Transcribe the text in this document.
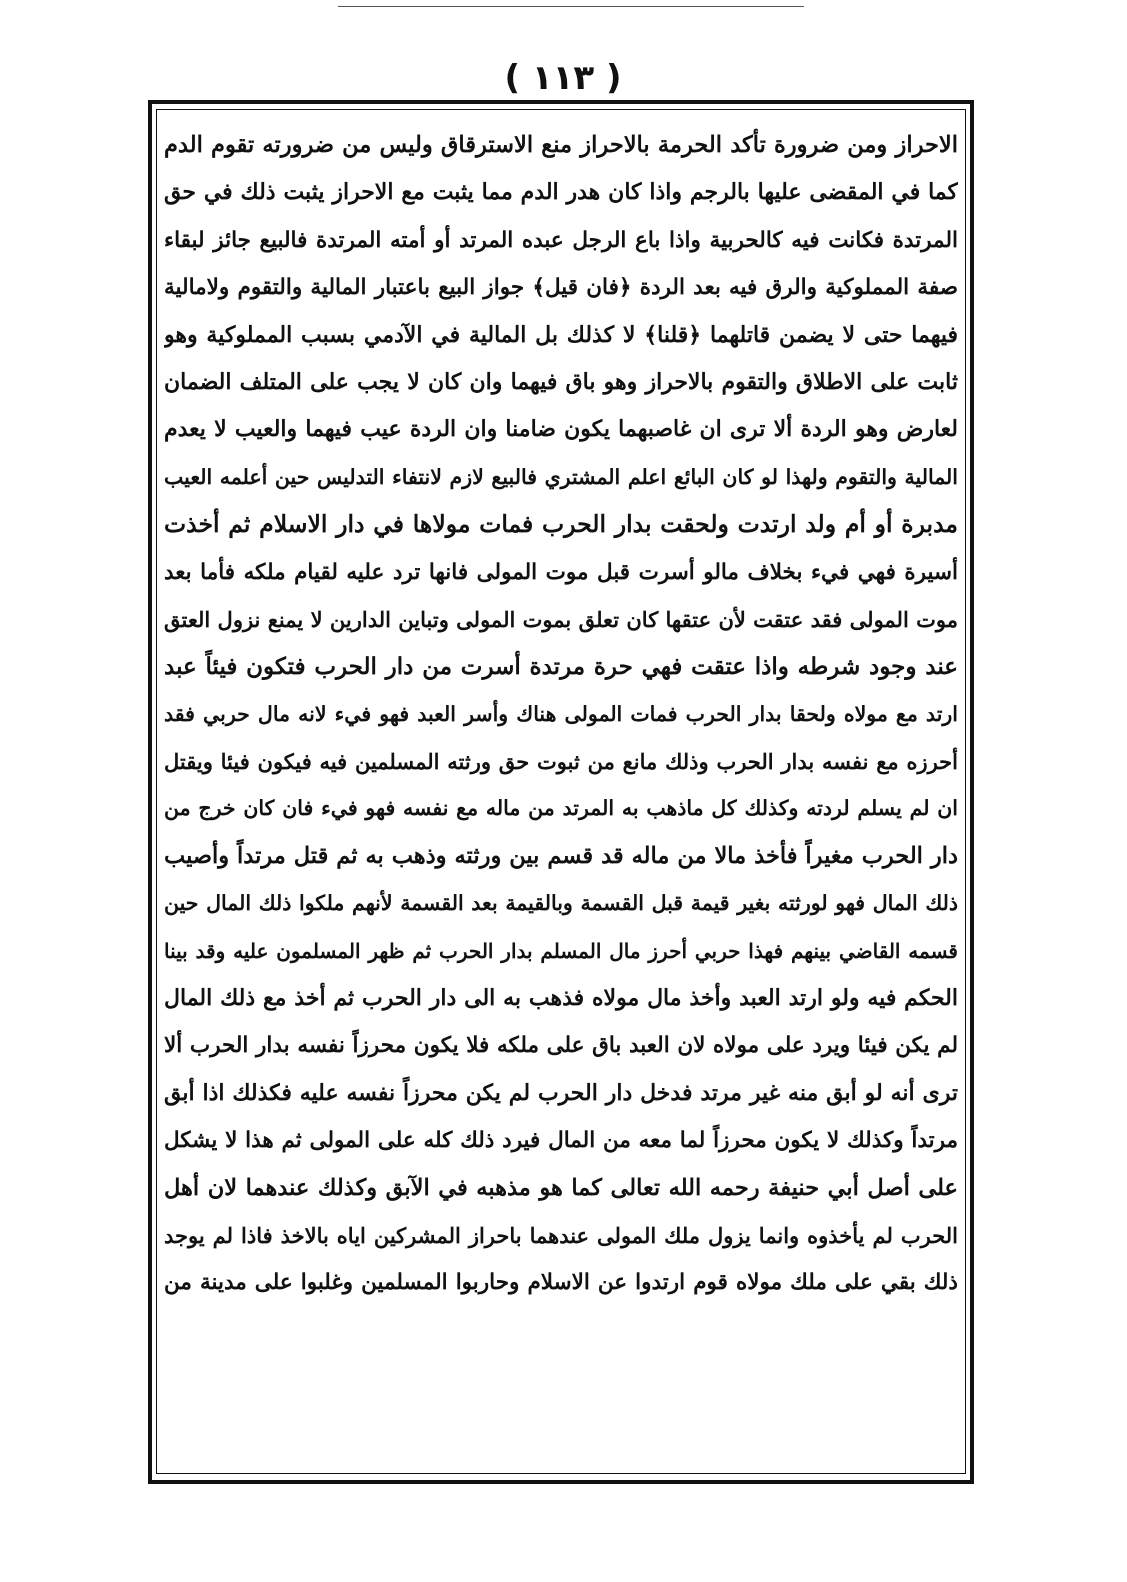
( ١١٣ )
الاحراز ومن ضرورة تأكد الحرمة بالاحراز منع الاسترقاق وليس من ضرورته تقوم الدم
كما في المقضى عليها بالرجم واذا كان هدر الدم مما يثبت مع الاحراز يثبت ذلك في حق
المرتدة فكانت فيه كالحربية واذا باع الرجل عبده المرتد أو أمته المرتدة فالبيع جائز لبقاء
صفة المملوكية والرق فيه بعد الردة ﴿فان قيل﴾ جواز البيع باعتبار المالية والتقوم ولامالية
فيهما حتى لا يضمن قاتلهما ﴿قلنا﴾ لا كذلك بل المالية في الآدمي بسبب المملوكية وهو
ثابت على الاطلاق والتقوم بالاحراز وهو باق فيهما وان كان لا يجب على المتلف الضمان
لعارض وهو الردة ألا ترى ان غاصبهما يكون ضامنا وان الردة عيب فيهما والعيب لا يعدم
المالية والتقوم ولهذا لو كان البائع اعلم المشتري فالبيع لازم لانتفاء التدليس حين أعلمه العيب
مدبرة أو أم ولد ارتدت ولحقت بدار الحرب فمات مولاها في دار الاسلام ثم أخذت
أسيرة فهي فيء بخلاف مالو أسرت قبل موت المولى فانها ترد عليه لقيام ملكه فأما بعد
موت المولى فقد عتقت لأن عتقها كان تعلق بموت المولى وتباين الدارين لا يمنع نزول العتق
عند وجود شرطه واذا عتقت فهي حرة مرتدة أسرت من دار الحرب فتكون فيئاً عبد
ارتد مع مولاه ولحقا بدار الحرب فمات المولى هناك وأسر العبد فهو فيء لانه مال حربي فقد
أحرزه مع نفسه بدار الحرب وذلك مانع من ثبوت حق ورثته المسلمين فيه فيكون فيئا ويقتل
ان لم يسلم لردته وكذلك كل ماذهب به المرتد من ماله مع نفسه فهو فيء فان كان خرج من
دار الحرب مغيراً فأخذ مالا من ماله قد قسم بين ورثته وذهب به ثم قتل مرتداً وأصيب
ذلك المال فهو لورثته بغير قيمة قبل القسمة وبالقيمة بعد القسمة لأنهم ملكوا ذلك المال حين
قسمه القاضي بينهم فهذا حربي أحرز مال المسلم بدار الحرب ثم ظهر المسلمون عليه وقد بينا
الحكم فيه ولو ارتد العبد وأخذ مال مولاه فذهب به الى دار الحرب ثم أخذ مع ذلك المال
لم يكن فيئا ويرد على مولاه لان العبد باق على ملكه فلا يكون محرزاً نفسه بدار الحرب ألا
ترى أنه لو أبق منه غير مرتد فدخل دار الحرب لم يكن محرزاً نفسه عليه فكذلك اذا أبق
مرتداً وكذلك لا يكون محرزاً لما معه من المال فيرد ذلك كله على المولى ثم هذا لا يشكل
على أصل أبي حنيفة رحمه الله تعالى كما هو مذهبه في الآبق وكذلك عندهما لان أهل
الحرب لم يأخذوه وانما يزول ملك المولى عندهما باحراز المشركين اياه بالاخذ فاذا لم يوجد
ذلك بقي على ملك مولاه قوم ارتدوا عن الاسلام وحاربوا المسلمين وغلبوا على مدينة من
